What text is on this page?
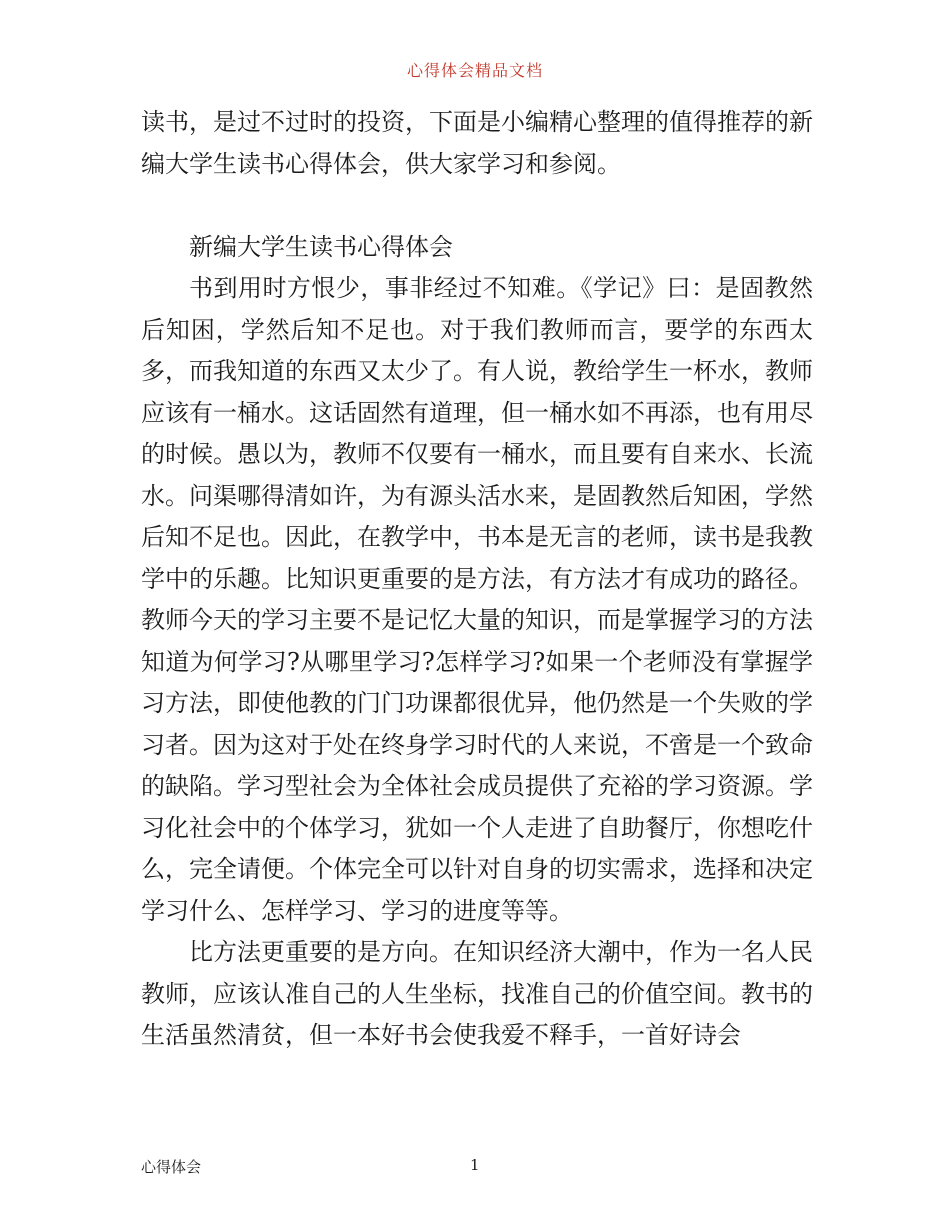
心得体会精品文档

读书，是过不过时的投资，下面是小编精心整理的值得推荐的新编大学生读书心得体会，供大家学习和参阅。

新编大学生读书心得体会

书到用时方恨少，事非经过不知难。《学记》曰：是固教然后知困，学然后知不足也。对于我们教师而言，要学的东西太多，而我知道的东西又太少了。有人说，教给学生一杯水，教师应该有一桶水。这话固然有道理，但一桶水如不再添，也有用尽的时候。愚以为，教师不仅要有一桶水，而且要有自来水、长流水。问渠哪得清如许，为有源头活水来，是固教然后知困，学然后知不足也。因此，在教学中，书本是无言的老师，读书是我教学中的乐趣。比知识更重要的是方法，有方法才有成功的路径。教师今天的学习主要不是记忆大量的知识，而是掌握学习的方法知道为何学习?从哪里学习?怎样学习?如果一个老师没有掌握学习方法，即使他教的门门功课都很优异，他仍然是一个失败的学习者。因为这对于处在终身学习时代的人来说，不啻是一个致命的缺陷。学习型社会为全体社会成员提供了充裕的学习资源。学习化社会中的个体学习，犹如一个人走进了自助餐厅，你想吃什么，完全请便。个体完全可以针对自身的切实需求，选择和决定学习什么、怎样学习、学习的进度等等。

比方法更重要的是方向。在知识经济大潮中，作为一名人民教师，应该认准自己的人生坐标，找准自己的价值空间。教书的生活虽然清贫，但一本好书会使我爱不释手，一首好诗会

心得体会	1
